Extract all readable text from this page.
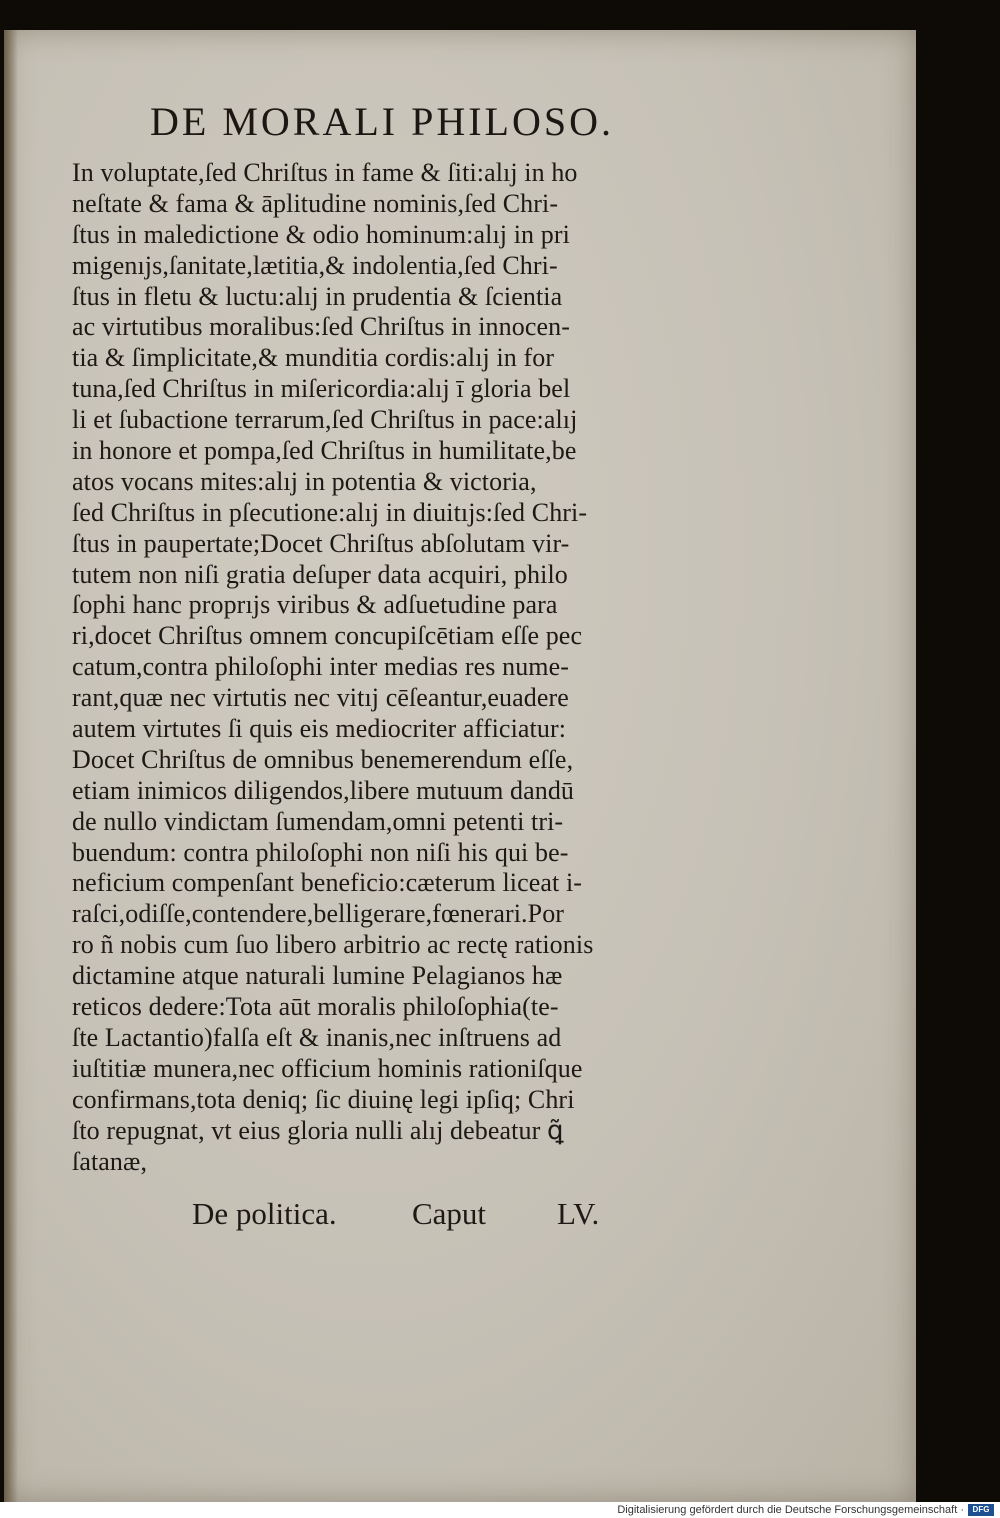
DE MORALI PHILOSO.
In voluptate,ſed Chriſtus in fame & ſiti:alıj in ho
neſtate & fama & āplitudine nominis,ſed Chri-
ſtus in maledictione & odio hominum:alıj in pri
migenıjs,ſanitate,lætitia,& indolentia,ſed Chri-
ſtus in fletu & luctu:alıj in prudentia & ſcientia
ac virtutibus moralibus:ſed Chriſtus in innocen-
tia & ſimplicitate,& munditia cordis:alıj in for
tuna,ſed Chriſtus in miſericordia:alıj ī gloria bel
li et ſubactione terrarum,ſed Chriſtus in pace:alıj
in honore et pompa,ſed Chriſtus in humilitate,be
atos vocans mites:alıj in potentia & victoria,
ſed Chriſtus in pſecutione:alıj in diuitıjs:ſed Chri-
ſtus in paupertate;Docet Chriſtus abſolutam vir-
tutem non niſi gratia deſuper data acquiri, philo
ſophi hanc proprıjs viribus & adſuetudine para
ri,docet Chriſtus omnem concupiſcētiam eſſe pec
catum,contra philoſophi inter medias res nume-
rant,quæ nec virtutis nec vitıj cēſeantur,euadere
autem virtutes ſi quis eis mediocriter afficiatur:
Docet Chriſtus de omnibus benemerendum eſſe,
etiam inimicos diligendos,libere mutuum dandū
de nullo vindictam ſumendam,omni petenti tri-
buendum: contra philoſophi non niſi his qui be-
neficium compenſant beneficio:cæterum liceat i-
raſci,odiſſe,contendere,belligerare,fœnerari.Por
ro ñ nobis cum ſuo libero arbitrio ac rectę rationis
dictamine atque naturali lumine Pelagianos hæ
reticos dedere:Tota aūt moralis philoſophia(te-
ſte Lactantio)falſa eſt & inanis,nec inſtruens ad
iuſtitiæ munera,nec officium hominis rationiſque
confirmans,tota deniq; ſic diuinę legi ipſiq; Chri
ſto repugnat, vt eius gloria nulli alıj debeatur ꝗ̃
ſatanæ,
De politica. Caput LV.
Digitalisierung gefördert durch die Deutsche Forschungsgemeinschaft ·	DFG
